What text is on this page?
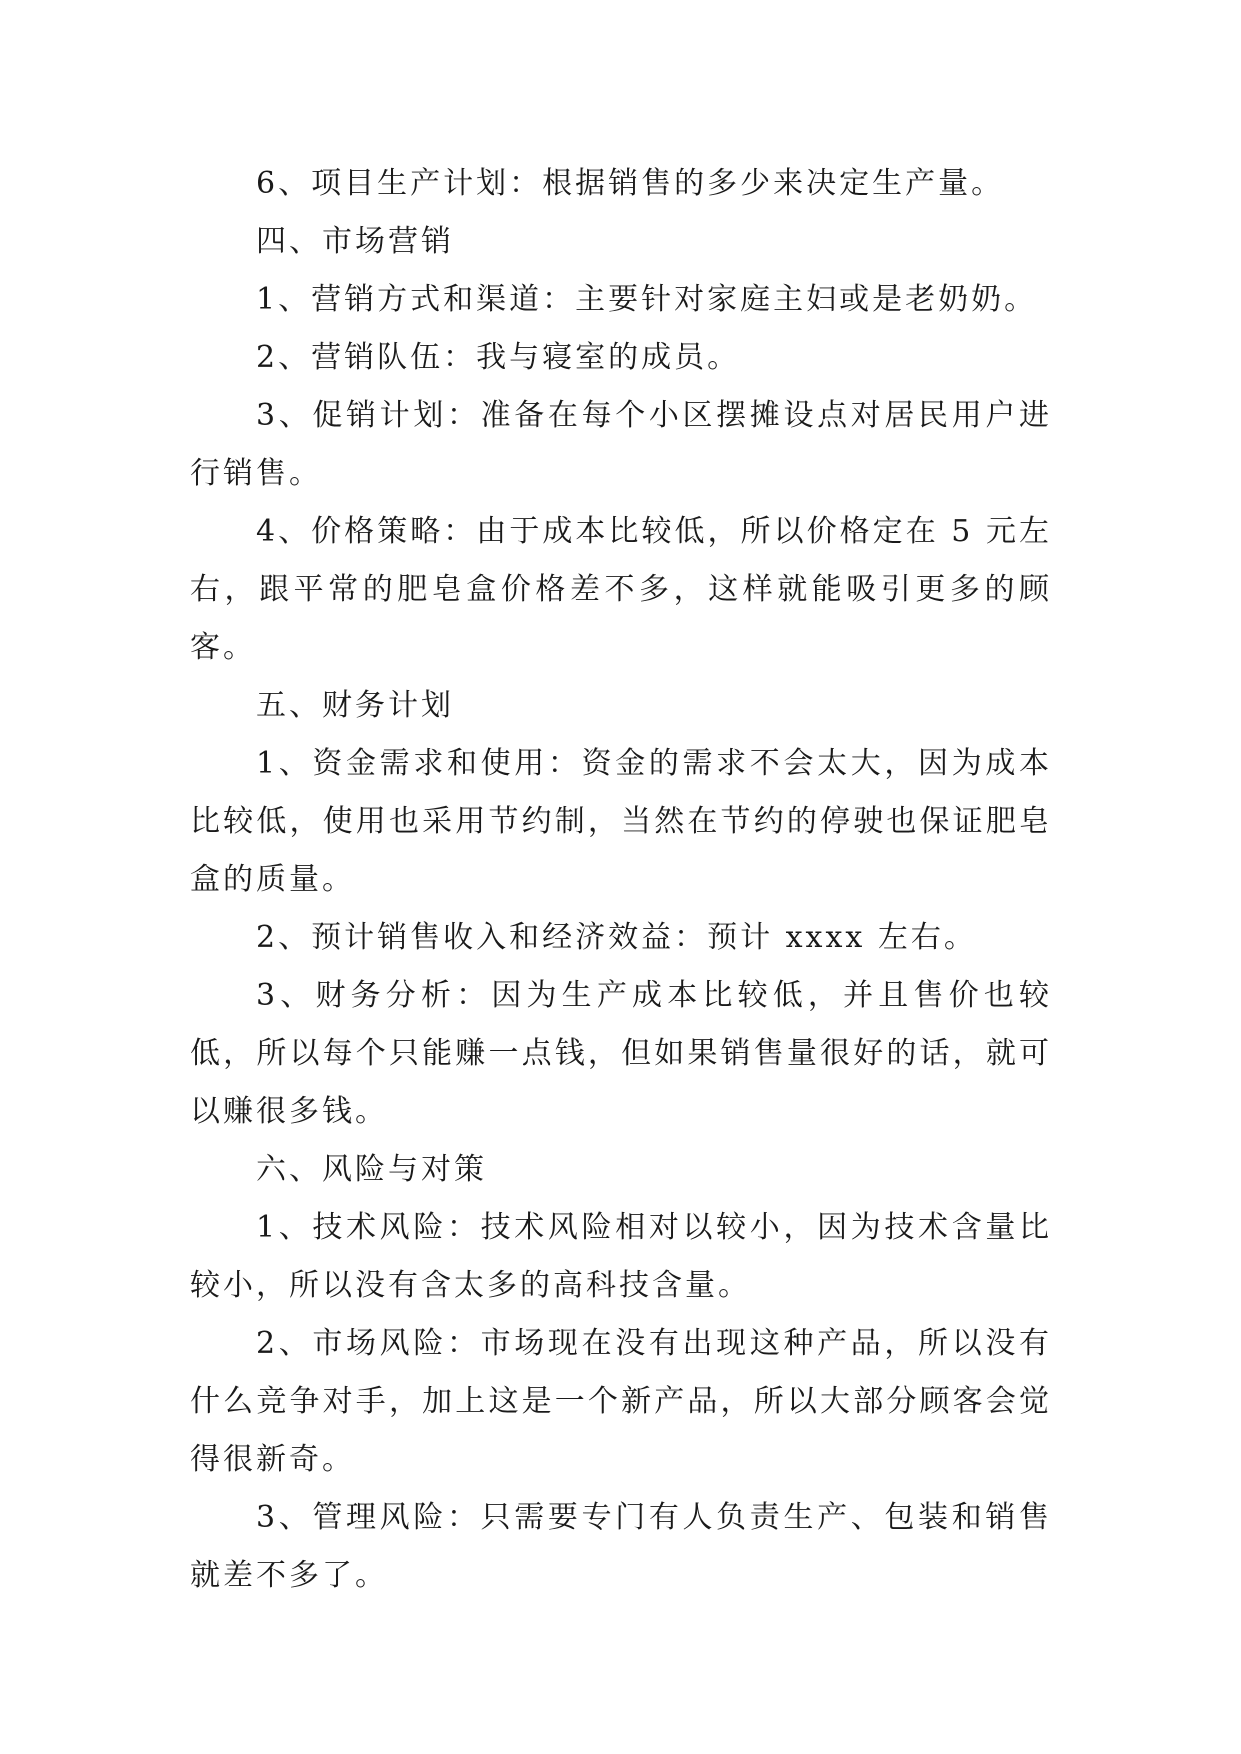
6、项目生产计划：根据销售的多少来决定生产量。

四、市场营销

1、营销方式和渠道：主要针对家庭主妇或是老奶奶。

2、营销队伍：我与寝室的成员。

3、促销计划：准备在每个小区摆摊设点对居民用户进行销售。

4、价格策略：由于成本比较低，所以价格定在 5 元左右，跟平常的肥皂盒价格差不多，这样就能吸引更多的顾客。

五、财务计划

1、资金需求和使用：资金的需求不会太大，因为成本比较低，使用也采用节约制，当然在节约的停驶也保证肥皂盒的质量。

2、预计销售收入和经济效益：预计 xxxx 左右。

3、财务分析：因为生产成本比较低，并且售价也较低，所以每个只能赚一点钱，但如果销售量很好的话，就可以赚很多钱。

六、风险与对策

1、技术风险：技术风险相对以较小，因为技术含量比较小，所以没有含太多的高科技含量。

2、市场风险：市场现在没有出现这种产品，所以没有什么竞争对手，加上这是一个新产品，所以大部分顾客会觉得很新奇。

3、管理风险：只需要专门有人负责生产、包装和销售就差不多了。
